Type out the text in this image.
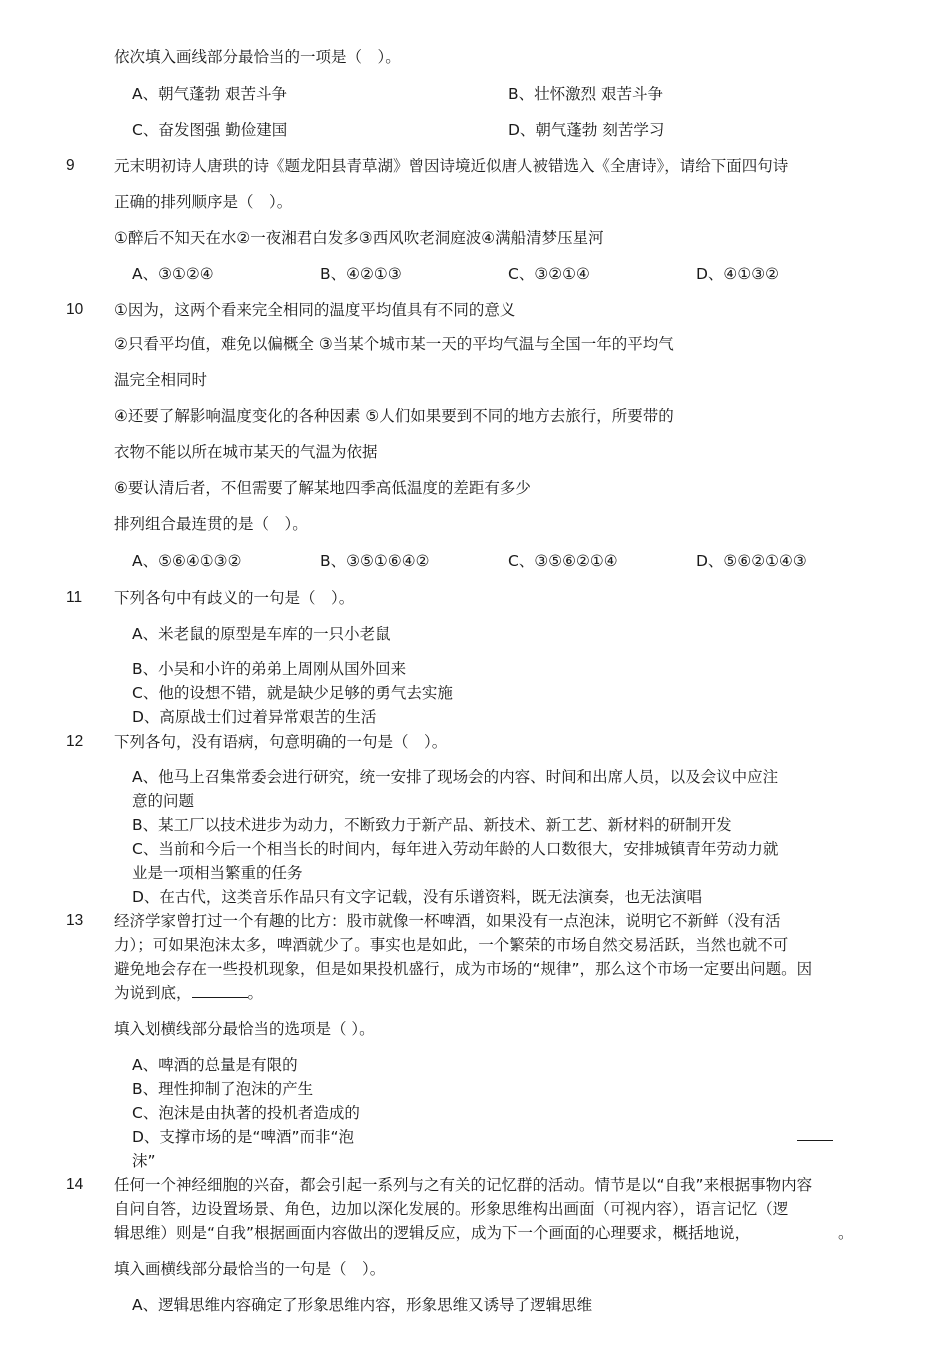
依次填入画线部分最恰当的一项是（　）。
A、朝气蓬勃 艰苦斗争	B、壮怀激烈 艰苦斗争
C、奋发图强 勤俭建国	D、朝气蓬勃 刻苦学习
9	元末明初诗人唐珙的诗《题龙阳县青草湖》曾因诗境近似唐人被错选入《全唐诗》，请给下面四句诗
正确的排列顺序是（　）。
①醉后不知天在水②一夜湘君白发多③西风吹老洞庭波④满船清梦压星河
A、③①②④	B、④②①③	C、③②①④	D、④①③②
10 ①因为，这两个看来完全相同的温度平均值具有不同的意义
②只看平均值，难免以偏概全 ③当某个城市某一天的平均气温与全国一年的平均气
温完全相同时
④还要了解影响温度变化的各种因素 ⑤人们如果要到不同的地方去旅行，所要带的
衣物不能以所在城市某天的气温为依据
⑥要认清后者，不但需要了解某地四季高低温度的差距有多少
排列组合最连贯的是（　）。
A、⑤⑥④①③②	B、③⑤①⑥④②	C、③⑤⑥②①④	D、⑤⑥②①④③
11 下列各句中有歧义的一句是（　）。
A、米老鼠的原型是车库的一只小老鼠
B、小吴和小许的弟弟上周刚从国外回来
C、他的设想不错，就是缺少足够的勇气去实施
D、高原战士们过着异常艰苦的生活
12 下列各句，没有语病，句意明确的一句是（　）。
A、他马上召集常委会进行研究，统一安排了现场会的内容、时间和出席人员，以及会议中应注
意的问题
B、某工厂以技术进步为动力，不断致力于新产品、新技术、新工艺、新材料的研制开发
C、当前和今后一个相当长的时间内，每年进入劳动年龄的人口数很大，安排城镇青年劳动力就
业是一项相当繁重的任务
D、在古代，这类音乐作品只有文字记载，没有乐谱资料，既无法演奏，也无法演唱
13 经济学家曾打过一个有趣的比方：股市就像一杯啤酒，如果没有一点泡沫，说明它不新鲜（没有活
力）；可如果泡沫太多，啤酒就少了。事实也是如此，一个繁荣的市场自然交易活跃，当然也就不可
避免地会存在一些投机现象，但是如果投机盛行，成为市场的“规律”，那么这个市场一定要出问题。因
为说到底，	。
填入划横线部分最恰当的选项是（ ）。
A、啤酒的总量是有限的
B、理性抑制了泡沫的产生
C、泡沫是由执著的投机者造成的
D、支撑市场的是“啤酒”而非“泡
沫”
14 任何一个神经细胞的兴奋，都会引起一系列与之有关的记忆群的活动。情节是以“自我”来根据事物内容
自问自答，边设置场景、角色，边加以深化发展的。形象思维构出画面（可视内容），语言记忆（逻
辑思维）则是“自我”根据画面内容做出的逻辑反应，成为下一个画面的心理要求，概括地说，	。
填入画横线部分最恰当的一句是（　）。
A、逻辑思维内容确定了形象思维内容，形象思维又诱导了逻辑思维
